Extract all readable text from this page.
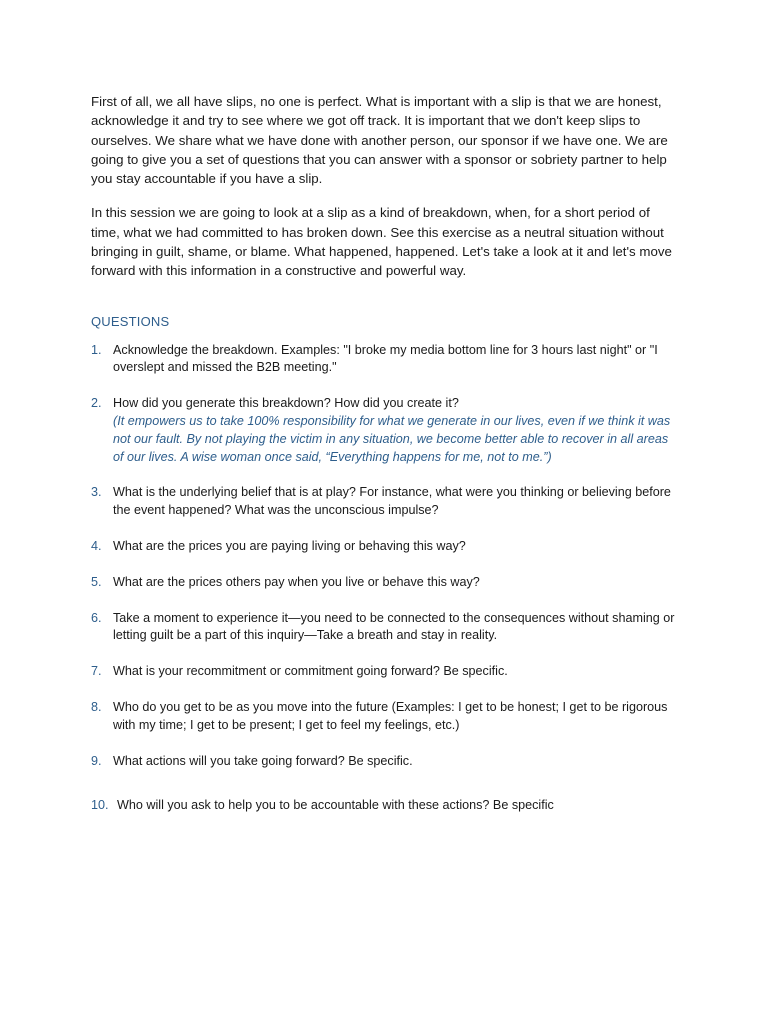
First of all, we all have slips, no one is perfect. What is important with a slip is that we are honest, acknowledge it and try to see where we got off track. It is important that we don't keep slips to ourselves. We share what we have done with another person, our sponsor if we have one. We are going to give you a set of questions that you can answer with a sponsor or sobriety partner to help you stay accountable if you have a slip.

In this session we are going to look at a slip as a kind of breakdown, when, for a short period of time, what we had committed to has broken down. See this exercise as a neutral situation without bringing in guilt, shame, or blame. What happened, happened. Let's take a look at it and let's move forward with this information in a constructive and powerful way.

QUESTIONS
1. Acknowledge the breakdown. Examples: "I broke my media bottom line for 3 hours last night" or "I overslept and missed the B2B meeting."
2. How did you generate this breakdown? How did you create it?
(It empowers us to take 100% responsibility for what we generate in our lives, even if we think it was not our fault. By not playing the victim in any situation, we become better able to recover in all areas of our lives. A wise woman once said, “Everything happens for me, not to me.”)
3. What is the underlying belief that is at play? For instance, what were you thinking or believing before the event happened? What was the unconscious impulse?
4. What are the prices you are paying living or behaving this way?
5. What are the prices others pay when you live or behave this way?
6. Take a moment to experience it—you need to be connected to the consequences without shaming or letting guilt be a part of this inquiry—Take a breath and stay in reality.
7. What is your recommitment or commitment going forward? Be specific.
8. Who do you get to be as you move into the future (Examples: I get to be honest; I get to be rigorous with my time; I get to be present; I get to feel my feelings, etc.)
9. What actions will you take going forward? Be specific.
10. Who will you ask to help you to be accountable with these actions? Be specific
